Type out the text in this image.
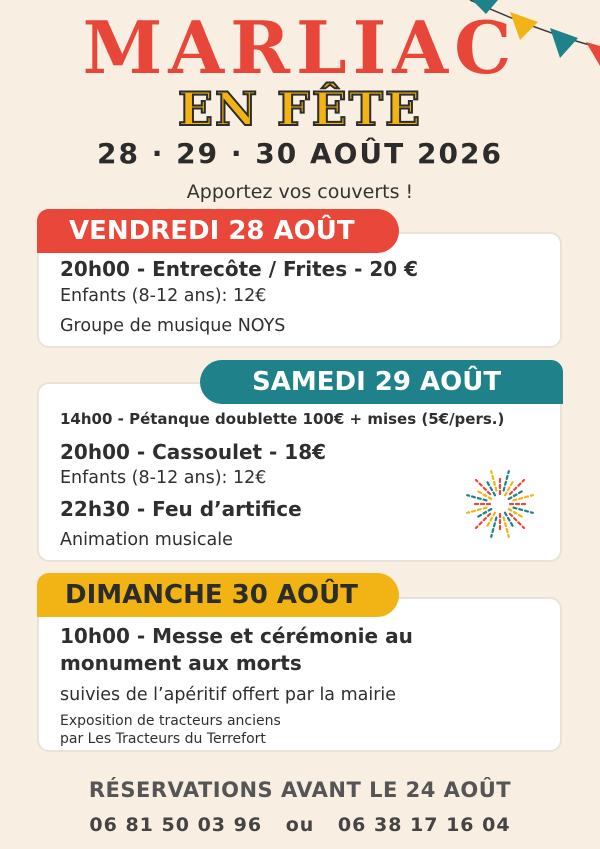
MARLIAC
EN FÊTE
28 · 29 · 30 AOÛT 2026
Apportez vos couverts !
VENDREDI 28 AOÛT
20h00 - Entrecôte / Frites - 20 €
Enfants (8-12 ans): 12€
Groupe de musique NOYS
SAMEDI 29 AOÛT
14h00 - Pétanque doublette 100€ + mises (5€/pers.)
20h00 - Cassoulet - 18€
Enfants (8-12 ans): 12€
22h30 - Feu d’artifice
Animation musicale
DIMANCHE 30 AOÛT
10h00 - Messe et cérémonie au
monument aux morts
suivies de l’apéritif offert par la mairie
Exposition de tracteurs anciens
par Les Tracteurs du Terrefort
RÉSERVATIONS AVANT LE 24 AOÛT
06 81 50 03 96 ou 06 38 17 16 04
